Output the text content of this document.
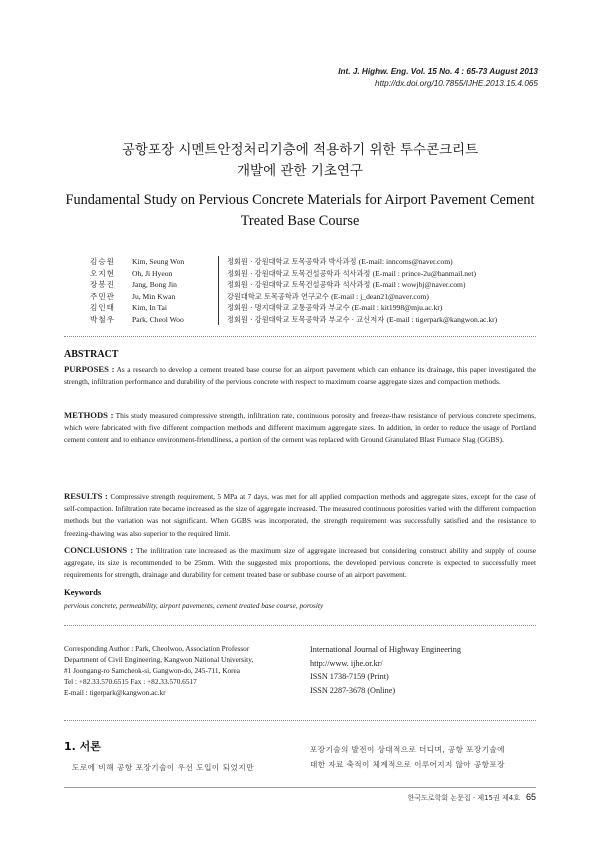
Int. J. Highw. Eng. Vol. 15 No. 4 : 65-73 August 2013
http://dx.doi.org/10.7855/IJHE.2013.15.4.065
공항포장 시멘트안정처리기층에 적용하기 위한 투수콘크리트
개발에 관한 기초연구
Fundamental Study on Pervious Concrete Materials for Airport Pavement Cement
Treated Base Course
김승원	Kim, Seung Won	정회원 · 강원대학교 토목공학과 박사과정 (E-mail: inncoms@naver.com)
오지현	Oh, Ji Hyeon	정회원 · 강원대학교 토목건설공학과 석사과정 (E-mail : prince-2u@hanmail.net)
장봉진	Jang, Bong Jin	정회원 · 강원대학교 토목건설공학과 석사과정 (E-mail : wowjbj@naver.com)
주민관	Ju, Min Kwan	강원대학교 토목공학과 연구교수 (E-mail : j_dean21@naver.com)
김인태	Kim, In Tai	정회원 · 명지대학교 교통공학과 부교수 (E-mail : kit1998@mju.ac.kr)
박철우	Park, Cheol Woo	정회원 · 강원대학교 토목공학과 부교수 · 교신저자 (E-mail : tigerpark@kangwon.ac.kr)
ABSTRACT
PURPOSES : As a research to develop a cement treated base course for an airport pavement which can enhance its drainage, this paper investigated the strength, infiltration performance and durability of the pervious concrete with respect to maximum coarse aggregate sizes and compaction methods.
METHODS : This study measured compressive strength, infiltration rate, continuous porosity and freeze-thaw resistance of pervious concrete specimens, which were fabricated with five different compaction methods and different maximum aggregate sizes. In addition, in order to reduce the usage of Portland cement content and to enhance environment-friendliness, a portion of the cement was replaced with Ground Granulated Blast Furnace Slag (GGBS).
RESULTS : Compressive strength requirement, 5 MPa at 7 days, was met for all applied compaction methods and aggregate sizes, except for the case of self-compaction. Infiltration rate became increased as the size of aggregate increased. The measured continuous porosities varied with the different compaction methods but the variation was not significant. When GGBS was incorporated, the strength requirement was successfully satisfied and the resistance to freezing-thawing was also superior to the required limit.
CONCLUSIONS : The infiltration rate increased as the maximum size of aggregate increased but considering construct ability and supply of course aggregate, its size is recommended to be 25mm. With the suggested mix proportions, the developed pervious concrete is expected to successfully meet requirements for strength, drainage and durability for cement treated base or subbase course of an airport pavement.
Keywords
pervious concrete, permeability, airport pavements, cement treated base course, porosity
Corresponding Author : Park, Cheolwoo, Association Professor
Department of Civil Engineering, Kangwon National University,
#1 Joongang-ro Samcheok-si, Gangwon-do, 245-711, Korea
Tel : +82.33.570.6515 Fax : +82.33.570.6517
E-mail : tigerpark@kangwon.ac.kr
International Journal of Highway Engineering
http://www. ijhe.or.kr/
ISSN 1738-7159 (Print)
ISSN 2287-3678 (Online)
1. 서론
도로에 비해 공항 포장기술이 우선 도입이 되었지만
포장기술의 발전이 상대적으로 더디며, 공항 포장기술에
대한 자료 축적이 체계적으로 이루어지지 않아 공항포장
한국도로학회 논문집 · 제15권 제4호 65
